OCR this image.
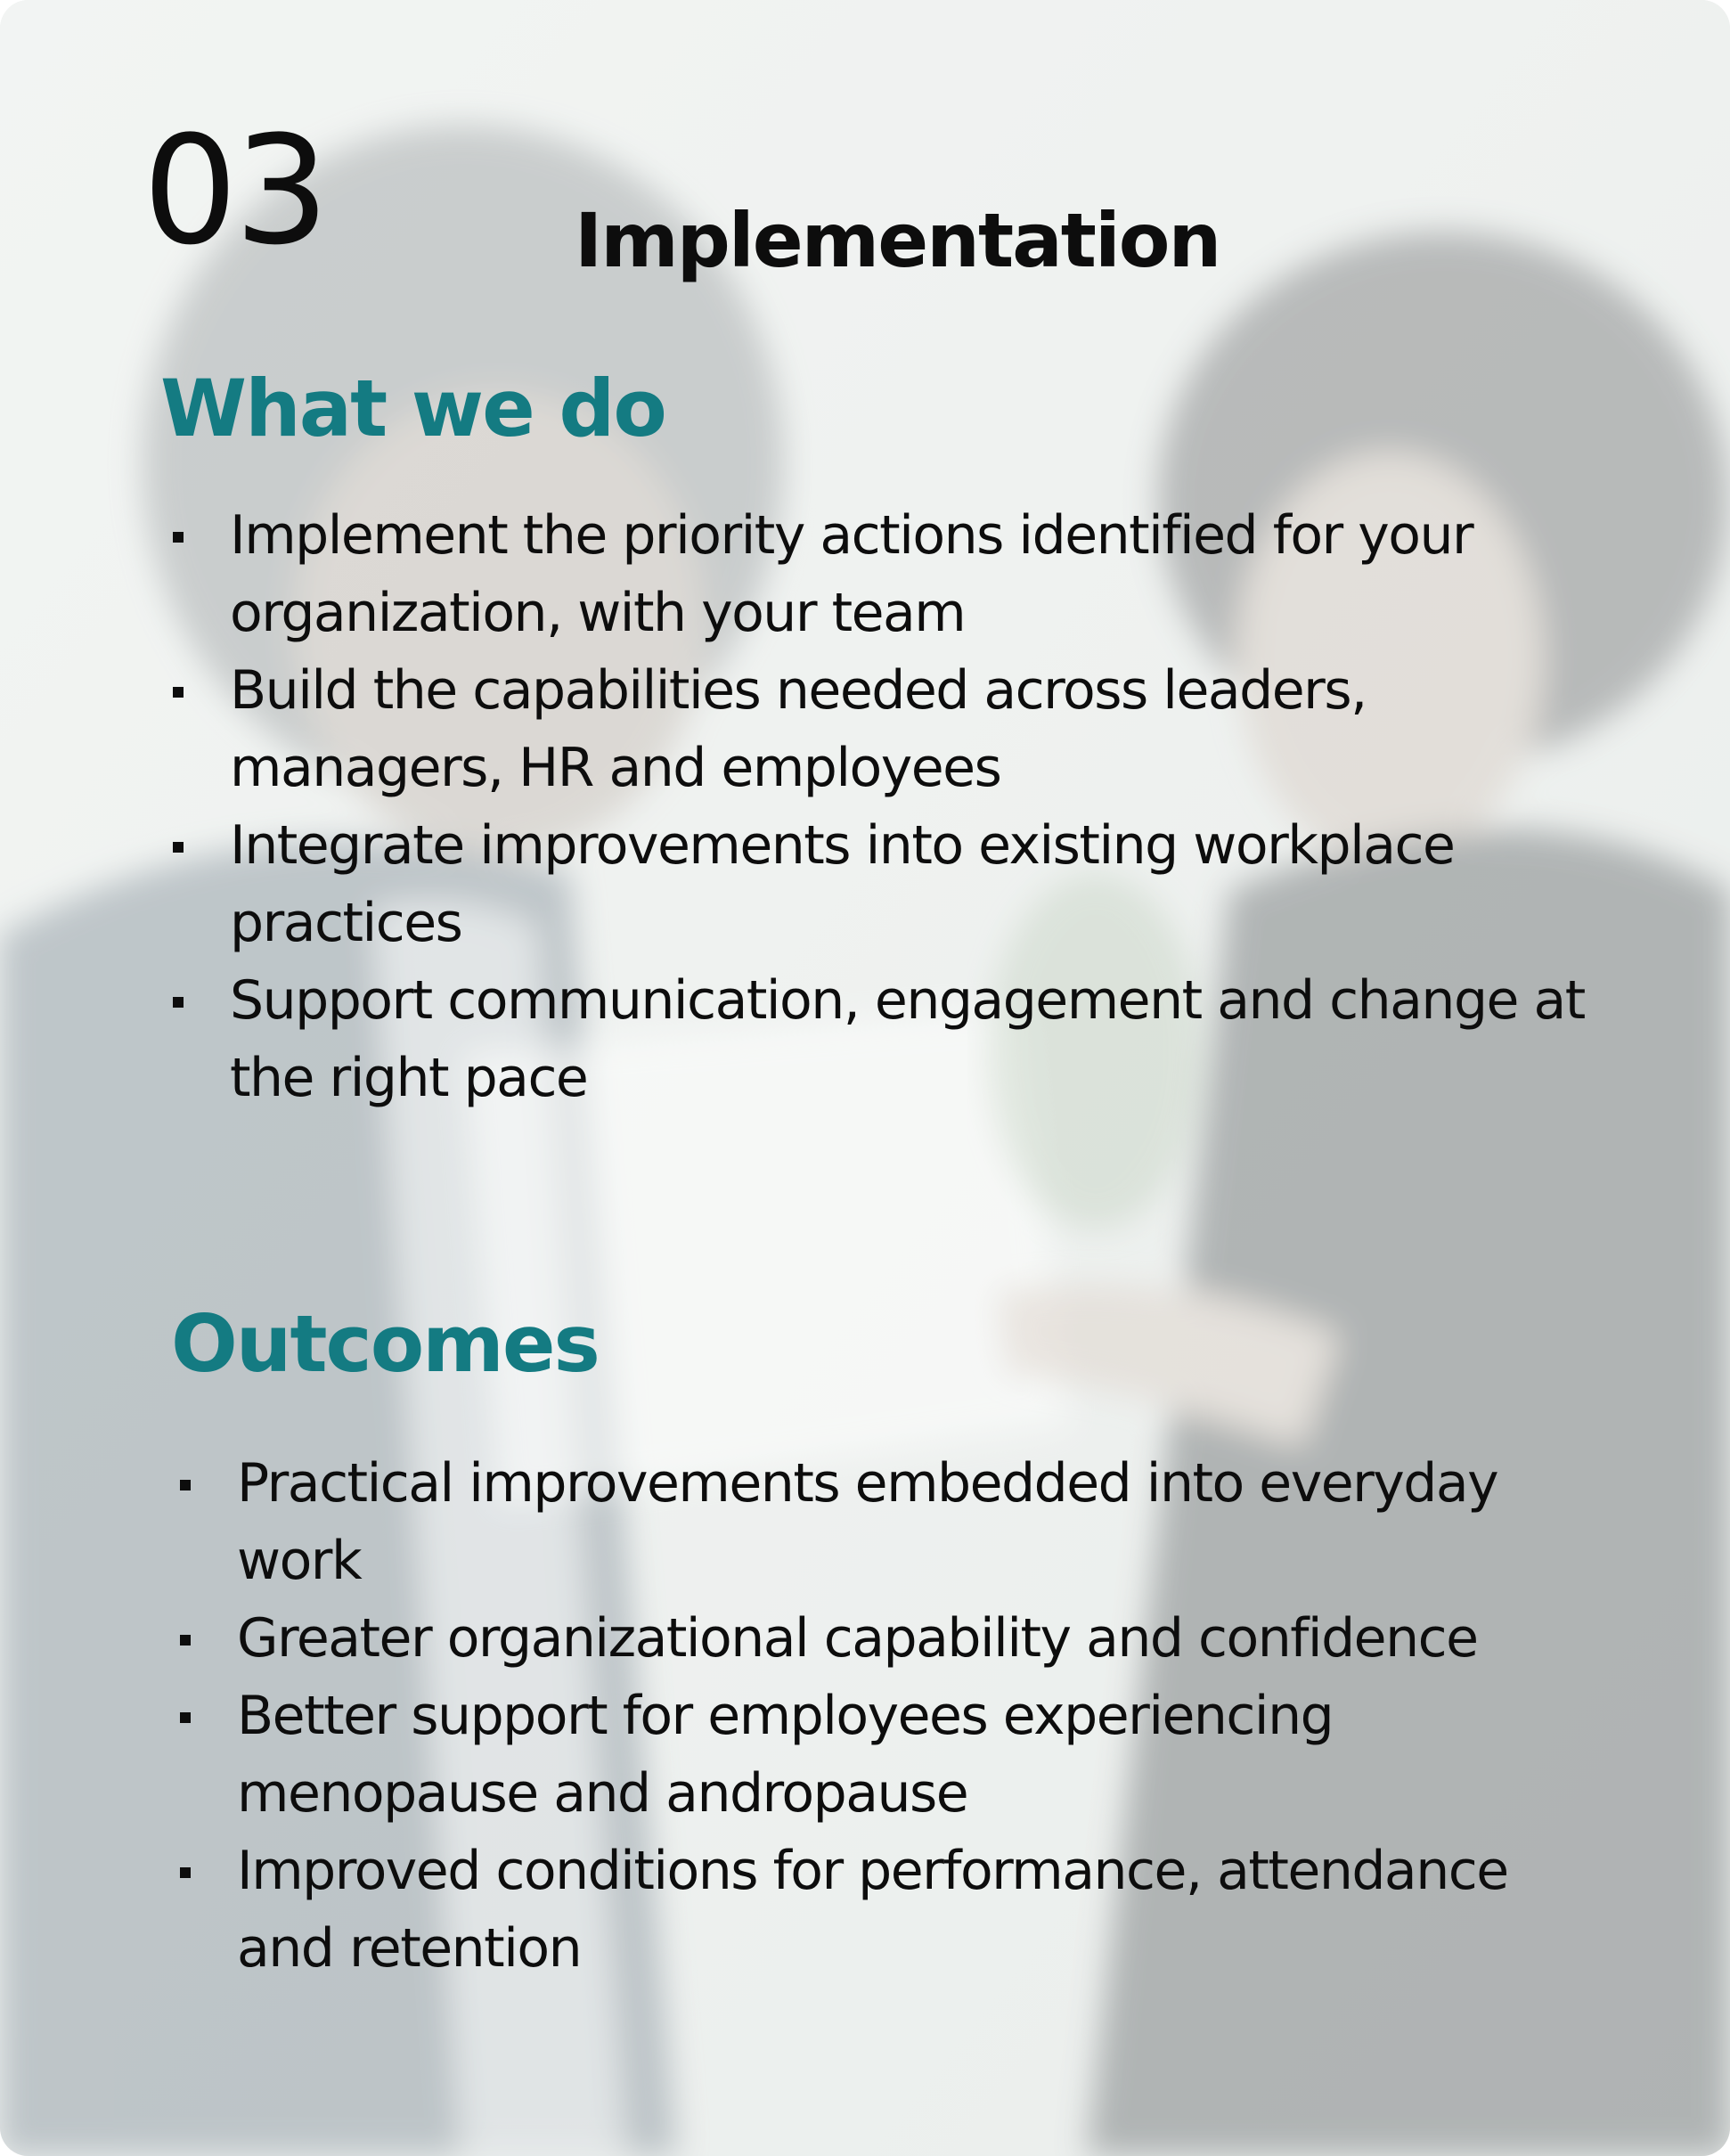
03	Implementation
What we do
Implement the priority actions identified for your organization, with your team
Build the capabilities needed across leaders, managers, HR and employees
Integrate improvements into existing workplace practices
Support communication, engagement and change at the right pace
Outcomes
Practical improvements embedded into everyday work
Greater organizational capability and confidence
Better support for employees experiencing menopause and andropause
Improved conditions for performance, attendance and retention
